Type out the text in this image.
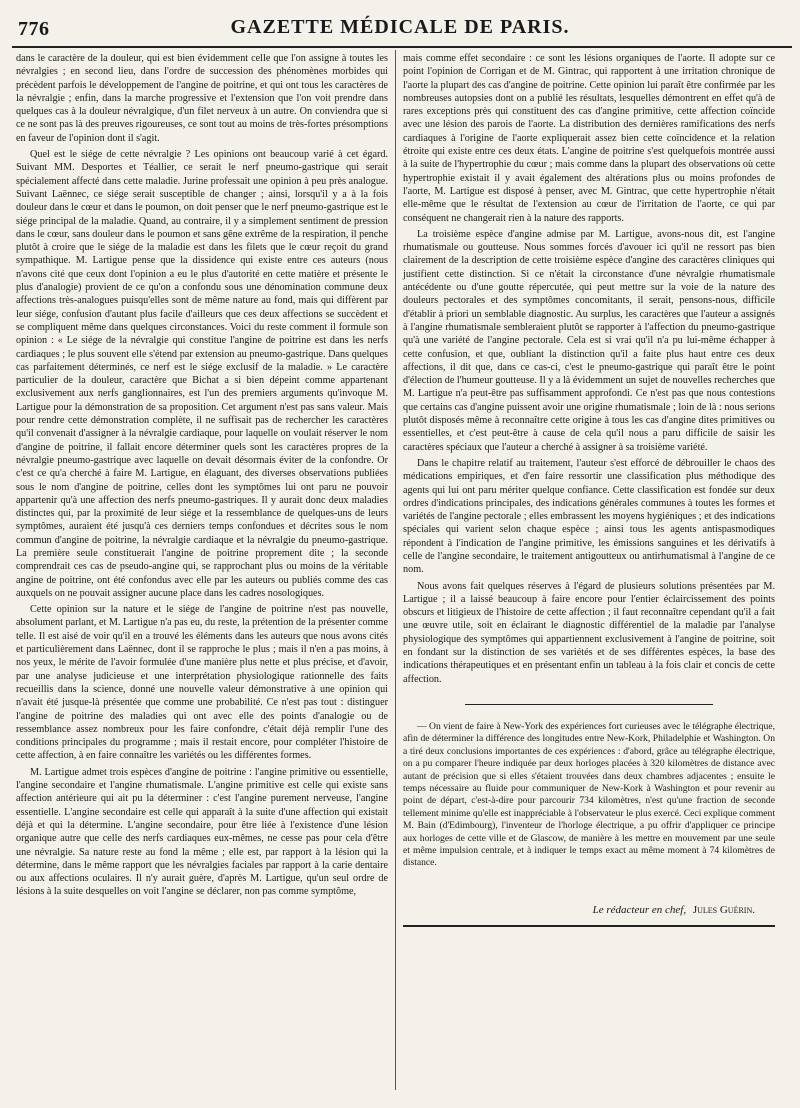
776	GAZETTE MÉDICALE DE PARIS.

dans le caractère de la douleur, qui est bien évidemment celle que l'on assigne à toutes les névralgies ; en second lieu, dans l'ordre de succession des phénomènes morbides qui précèdent parfois le développement de l'angine de poitrine, et qui ont tous les caractères de la névralgie ; enfin, dans la marche progressive et l'extension que l'on voit prendre dans quelques cas à la douleur névralgique, d'un filet nerveux à un autre. On conviendra que si ce ne sont pas là des preuves rigoureuses, ce sont tout au moins de très-fortes présomptions en faveur de l'opinion dont il s'agit.

Quel est le siége de cette névralgie ? Les opinions ont beaucoup varié à cet égard. Suivant MM. Desportes et Téallier, ce serait le nerf pneumo-gastrique qui serait spécialement affecté dans cette maladie. Jurine professait une opinion à peu près analogue. Suivant Laënnec, ce siége serait susceptible de changer ; ainsi, lorsqu'il y a à la fois douleur dans le cœur et dans le poumon, on doit penser que le nerf pneumo-gastrique est le siége principal de la maladie. Quand, au contraire, il y a simplement sentiment de pression dans le cœur, sans douleur dans le poumon et sans gêne extrême de la respiration, il penche plutôt à croire que le siége de la maladie est dans les filets que le cœur reçoit du grand sympathique. M. Lartigue pense que la dissidence qui existe entre ces auteurs (nous n'avons cité que ceux dont l'opinion a eu le plus d'autorité en cette matière et présente le plus d'analogie) provient de ce qu'on a confondu sous une dénomination commune deux affections très-analogues puisqu'elles sont de même nature au fond, mais qui diffèrent par leur siége, confusion d'autant plus facile d'ailleurs que ces deux affections se succèdent et se compliquent même dans quelques circonstances. Voici du reste comment il formule son opinion : « Le siége de la névralgie qui constitue l'angine de poitrine est dans les nerfs cardiaques ; le plus souvent elle s'étend par extension au pneumo-gastrique. Dans quelques cas parfaitement déterminés, ce nerf est le siége exclusif de la maladie. » Le caractère particulier de la douleur, caractère que Bichat a si bien dépeint comme appartenant exclusivement aux nerfs ganglionnaires, est l'un des premiers arguments qu'invoque M. Lartigue pour la démonstration de sa proposition. Cet argument n'est pas sans valeur. Mais pour rendre cette démonstration complète, il ne suffisait pas de rechercher les caractères qu'il convenait d'assigner à la névralgie cardiaque, pour laquelle on voulait réserver le nom d'angine de poitrine, il fallait encore déterminer quels sont les caractères propres de la névralgie pneumo-gastrique avec laquelle on devait désormais éviter de la confondre. Or c'est ce qu'a cherché à faire M. Lartigue, en élaguant, des diverses observations publiées sous le nom d'angine de poitrine, celles dont les symptômes lui ont paru ne pouvoir appartenir qu'à une affection des nerfs pneumo-gastriques. Il y aurait donc deux maladies distinctes qui, par la proximité de leur siége et la ressemblance de quelques-uns de leurs symptômes, auraient été jusqu'à ces derniers temps confondues et décrites sous le nom commun d'angine de poitrine, la névralgie cardiaque et la névralgie du pneumo-gastrique. La première seule constituerait l'angine de poitrine proprement dite ; la seconde comprendrait ces cas de pseudo-angine qui, se rapprochant plus ou moins de la véritable angine de poitrine, ont été confondus avec elle par les auteurs ou publiés comme des cas auxquels on ne pouvait assigner aucune place dans les cadres nosologiques.

Cette opinion sur la nature et le siége de l'angine de poitrine n'est pas nouvelle, absolument parlant, et M. Lartigue n'a pas eu, du reste, la prétention de la présenter comme telle. Il est aisé de voir qu'il en a trouvé les éléments dans les auteurs que nous avons cités et particulièrement dans Laënnec, dont il se rapproche le plus ; mais il n'en a pas moins, à nos yeux, le mérite de l'avoir formulée d'une manière plus nette et plus précise, et d'avoir, par une analyse judicieuse et une interprétation physiologique rationnelle des faits recueillis dans la science, donné une nouvelle valeur démonstrative à une opinion qui n'avait été jusque-là présentée que comme une probabilité. Ce n'est pas tout : distinguer l'angine de poitrine des maladies qui ont avec elle des points d'analogie ou de ressemblance assez nombreux pour les faire confondre, c'était déjà remplir l'une des conditions principales du programme ; mais il restait encore, pour compléter l'histoire de cette affection, à en faire connaître les variétés ou les différentes formes.

M. Lartigue admet trois espèces d'angine de poitrine : l'angine primitive ou essentielle, l'angine secondaire et l'angine rhumatismale. L'angine primitive est celle qui existe sans affection antérieure qui ait pu la déterminer : c'est l'angine purement nerveuse, l'angine essentielle. L'angine secondaire est celle qui apparaît à la suite d'une affection qui existait déjà et qui la détermine. L'angine secondaire, pour être liée à l'existence d'une lésion organique autre que celle des nerfs cardiaques eux-mêmes, ne cesse pas pour cela d'être une névralgie. Sa nature reste au fond la même ; elle est, par rapport à la lésion qui la détermine, dans le même rapport que les névralgies faciales par rapport à la carie dentaire ou aux affections oculaires. Il n'y aurait guère, d'après M. Lartigue, qu'un seul ordre de lésions à la suite desquelles on voit l'angine se déclarer, non pas comme symptôme,

mais comme effet secondaire : ce sont les lésions organiques de l'aorte. Il adopte sur ce point l'opinion de Corrigan et de M. Gintrac, qui rapportent à une irritation chronique de l'aorte la plupart des cas d'angine de poitrine. Cette opinion lui paraît être confirmée par les nombreuses autopsies dont on a publié les résultats, lesquelles démontrent en effet qu'à de rares exceptions près qui constituent des cas d'angine primitive, cette affection coïncide avec une lésion des parois de l'aorte. La distribution des dernières ramifications des nerfs cardiaques à l'origine de l'aorte expliquerait assez bien cette coïncidence et la relation étroite qui existe entre ces deux états. L'angine de poitrine s'est quelquefois montrée aussi à la suite de l'hypertrophie du cœur ; mais comme dans la plupart des observations où cette hypertrophie existait il y avait également des altérations plus ou moins profondes de l'aorte, M. Lartigue est disposé à penser, avec M. Gintrac, que cette hypertrophie n'était elle-même que le résultat de l'extension au cœur de l'irritation de l'aorte, ce qui par conséquent ne changerait rien à la nature des rapports.

La troisième espèce d'angine admise par M. Lartigue, avons-nous dit, est l'angine rhumatismale ou goutteuse. Nous sommes forcés d'avouer ici qu'il ne ressort pas bien clairement de la description de cette troisième espèce d'angine des caractères cliniques qui justifient cette distinction. Si ce n'était la circonstance d'une névralgie rhumatismale antécédente ou d'une goutte répercutée, qui peut mettre sur la voie de la nature des douleurs pectorales et des symptômes concomitants, il serait, pensons-nous, difficile d'établir à priori un semblable diagnostic. Au surplus, les caractères que l'auteur a assignés à l'angine rhumatismale sembleraient plutôt se rapporter à l'affection du pneumo-gastrique qu'à une variété de l'angine pectorale. Cela est si vrai qu'il n'a pu lui-même échapper à cette confusion, et que, oubliant la distinction qu'il a faite plus haut entre ces deux affections, il dit que, dans ce cas-ci, c'est le pneumo-gastrique qui paraît être le point d'élection de l'humeur goutteuse. Il y a là évidemment un sujet de nouvelles recherches que M. Lartigue n'a peut-être pas suffisamment approfondi. Ce n'est pas que nous contestions que certains cas d'angine puissent avoir une origine rhumatismale ; loin de là : nous serions plutôt disposés même à reconnaître cette origine à tous les cas d'angine dites primitives ou essentielles, et c'est peut-être à cause de cela qu'il nous a paru difficile de saisir les caractères spéciaux que l'auteur a cherché à assigner à sa troisième variété.

Dans le chapitre relatif au traitement, l'auteur s'est efforcé de débrouiller le chaos des médications empiriques, et d'en faire ressortir une classification plus méthodique des agents qui lui ont paru mériter quelque confiance. Cette classification est fondée sur deux ordres d'indications principales, des indications générales communes à toutes les formes et variétés de l'angine pectorale ; elles embrassent les moyens hygiéniques ; et des indications spéciales qui varient selon chaque espèce ; ainsi tous les agents antispasmodiques répondent à l'indication de l'angine primitive, les émissions sanguines et les dérivatifs à celle de l'angine secondaire, le traitement antigoutteux ou antirhumatismal à l'angine de ce nom.

Nous avons fait quelques réserves à l'égard de plusieurs solutions présentées par M. Lartigue ; il a laissé beaucoup à faire encore pour l'entier éclaircissement des points obscurs et litigieux de l'histoire de cette affection ; il faut reconnaître cependant qu'il a fait une œuvre utile, soit en éclairant le diagnostic différentiel de la maladie par l'analyse physiologique des symptômes qui appartiennent exclusivement à l'angine de poitrine, soit en fondant sur la distinction de ses variétés et de ses différentes espèces, la base des indications thérapeutiques et en présentant enfin un tableau à la fois clair et concis de cette affection.

— On vient de faire à New-York des expériences fort curieuses avec le télégraphe électrique, afin de déterminer la différence des longitudes entre New-Kork, Philadelphie et Washington. On a tiré deux conclusions importantes de ces expériences : d'abord, grâce au télégraphe électrique, on a pu comparer l'heure indiquée par deux horloges placées à 320 kilomètres de distance avec autant de précision que si elles s'étaient trouvées dans deux chambres adjacentes ; ensuite le temps nécessaire au fluide pour communiquer de New-Kork à Washington et pour revenir au point de départ, c'est-à-dire pour parcourir 734 kilomètres, n'est qu'une fraction de seconde tellement minime qu'elle est inappréciable à l'observateur le plus exercé. Ceci explique comment M. Bain (d'Edimbourg), l'inventeur de l'horloge électrique, a pu offrir d'appliquer ce principe aux horloges de cette ville et de Glascow, de manière à les mettre en mouvement par une seule et même impulsion centrale, et à indiquer le temps exact au même moment à 74 kilomètres de distance.

Le rédacteur en chef, Jules Guérin.
